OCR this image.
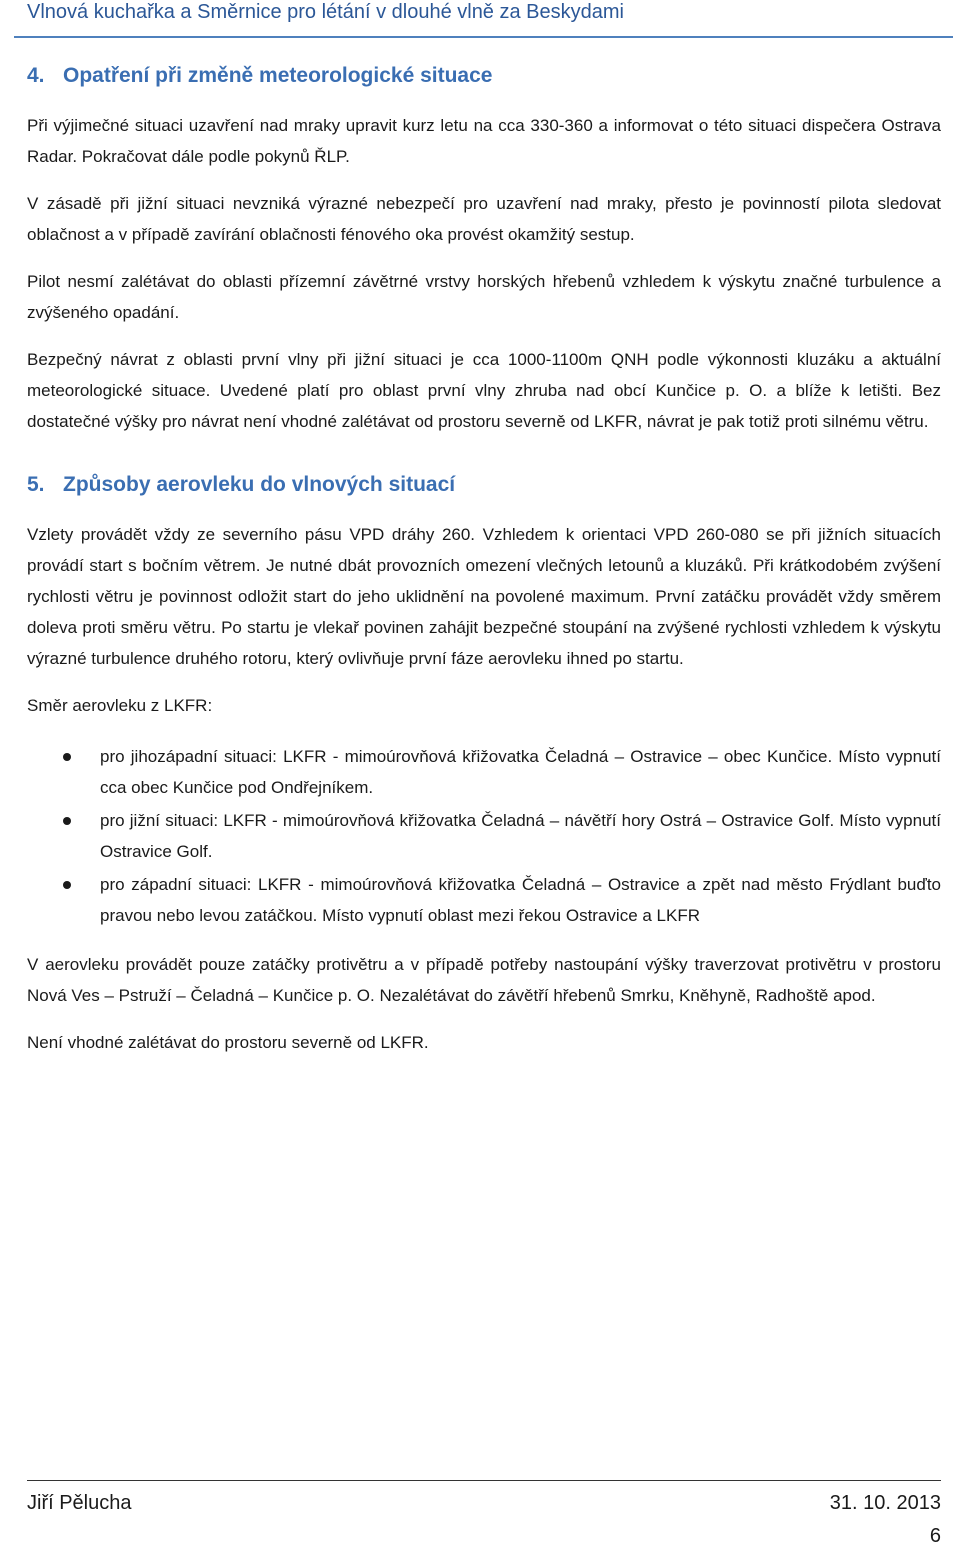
Vlnová kuchařka a Směrnice pro létání v dlouhé vlně za Beskydami
4. Opatření při změně meteorologické situace

Při výjimečné situaci uzavření nad mraky upravit kurz letu na cca 330-360 a informovat o této situaci dispečera Ostrava Radar. Pokračovat dále podle pokynů ŘLP.

V zásadě při jižní situaci nevzniká výrazné nebezpečí pro uzavření nad mraky, přesto je povinností pilota sledovat oblačnost a v případě zavírání oblačnosti fénového oka provést okamžitý sestup.

Pilot nesmí zalétávat do oblasti přízemní závětrné vrstvy horských hřebenů vzhledem k výskytu značné turbulence a zvýšeného opadání.

Bezpečný návrat z oblasti první vlny při jižní situaci je cca 1000-1100m QNH podle výkonnosti kluzáku a aktuální meteorologické situace. Uvedené platí pro oblast první vlny zhruba nad obcí Kunčice p. O. a blíže k letišti. Bez dostatečné výšky pro návrat není vhodné zalétávat od prostoru severně od LKFR, návrat je pak totiž proti silnému větru.

5. Způsoby aerovleku do vlnových situací

Vzlety provádět vždy ze severního pásu VPD dráhy 260. Vzhledem k orientaci VPD 260-080 se při jižních situacích provádí start s bočním větrem. Je nutné dbát provozních omezení vlečných letounů a kluzáků. Při krátkodobém zvýšení rychlosti větru je povinnost odložit start do jeho uklidnění na povolené maximum. První zatáčku provádět vždy směrem doleva proti směru větru. Po startu je vlekař povinen zahájit bezpečné stoupání na zvýšené rychlosti vzhledem k výskytu výrazné turbulence druhého rotoru, který ovlivňuje první fáze aerovleku ihned po startu.

Směr aerovleku z LKFR:

pro jihozápadní situaci: LKFR - mimoúrovňová křižovatka Čeladná – Ostravice – obec Kunčice. Místo vypnutí cca obec Kunčice pod Ondřejníkem.
pro jižní situaci: LKFR - mimoúrovňová křižovatka Čeladná – návětří hory Ostrá – Ostravice Golf. Místo vypnutí Ostravice Golf.
pro západní situaci: LKFR - mimoúrovňová křižovatka Čeladná – Ostravice a zpět nad město Frýdlant buďto pravou nebo levou zatáčkou. Místo vypnutí oblast mezi řekou Ostravice a LKFR

V aerovleku provádět pouze zatáčky protivětru a v případě potřeby nastoupání výšky traverzovat protivětru v prostoru Nová Ves – Pstruží – Čeladná – Kunčice p. O. Nezalétávat do závětří hřebenů Smrku, Kněhyně, Radhoště apod.

Není vhodné zalétávat do prostoru severně od LKFR.

Jiří Pělucha	31. 10. 2013
6
